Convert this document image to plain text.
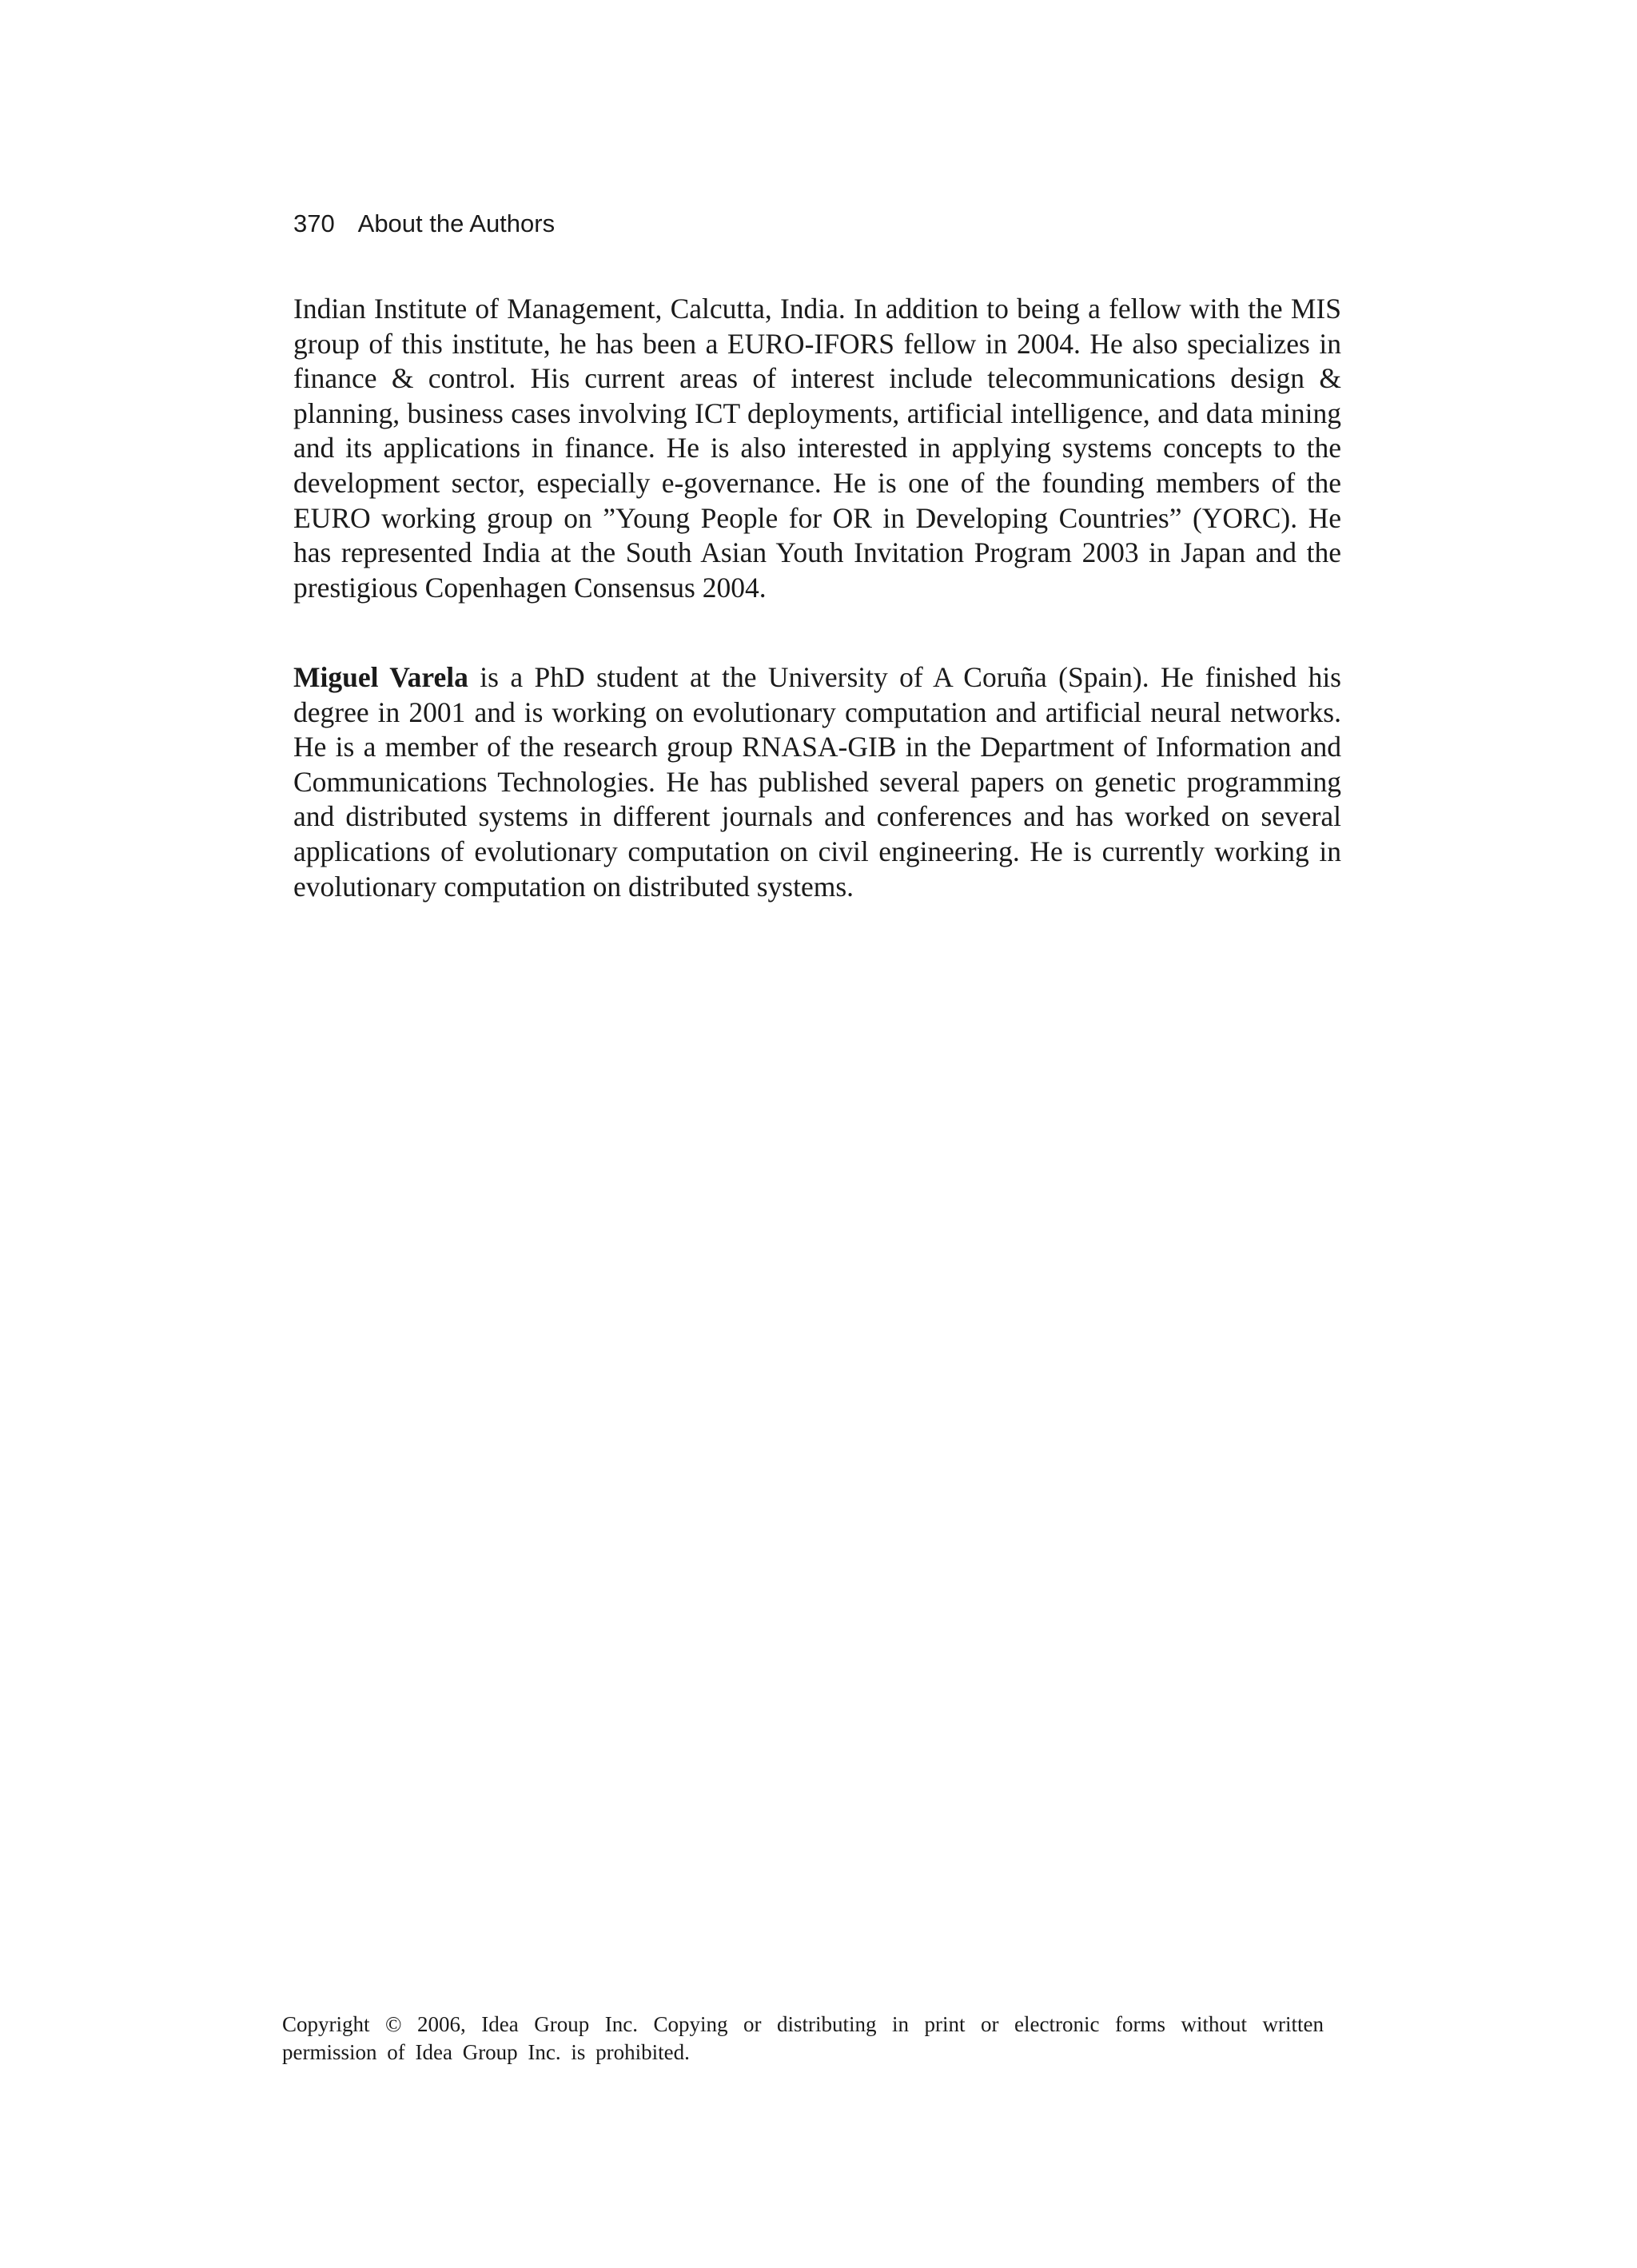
370 About the Authors

Indian Institute of Management, Calcutta, India. In addition to being a fellow with the MIS group of this institute, he has been a EURO-IFORS fellow in 2004. He also specializes in finance & control. His current areas of interest include telecommunications design & planning, business cases involving ICT deployments, artificial intelligence, and data mining and its applications in finance. He is also interested in applying systems concepts to the development sector, especially e-governance. He is one of the founding members of the EURO working group on ”Young People for OR in Developing Countries” (YORC). He has represented India at the South Asian Youth Invitation Program 2003 in Japan and the prestigious Copenhagen Consensus 2004.

Miguel Varela is a PhD student at the University of A Coruña (Spain). He finished his degree in 2001 and is working on evolutionary computation and artificial neural networks. He is a member of the research group RNASA-GIB in the Department of Information and Communications Technologies. He has published several papers on genetic programming and distributed systems in different journals and conferences and has worked on several applications of evolutionary computation on civil engineering. He is currently working in evolutionary computation on distributed systems.

Copyright © 2006, Idea Group Inc. Copying or distributing in print or electronic forms without written permission of Idea Group Inc. is prohibited.
